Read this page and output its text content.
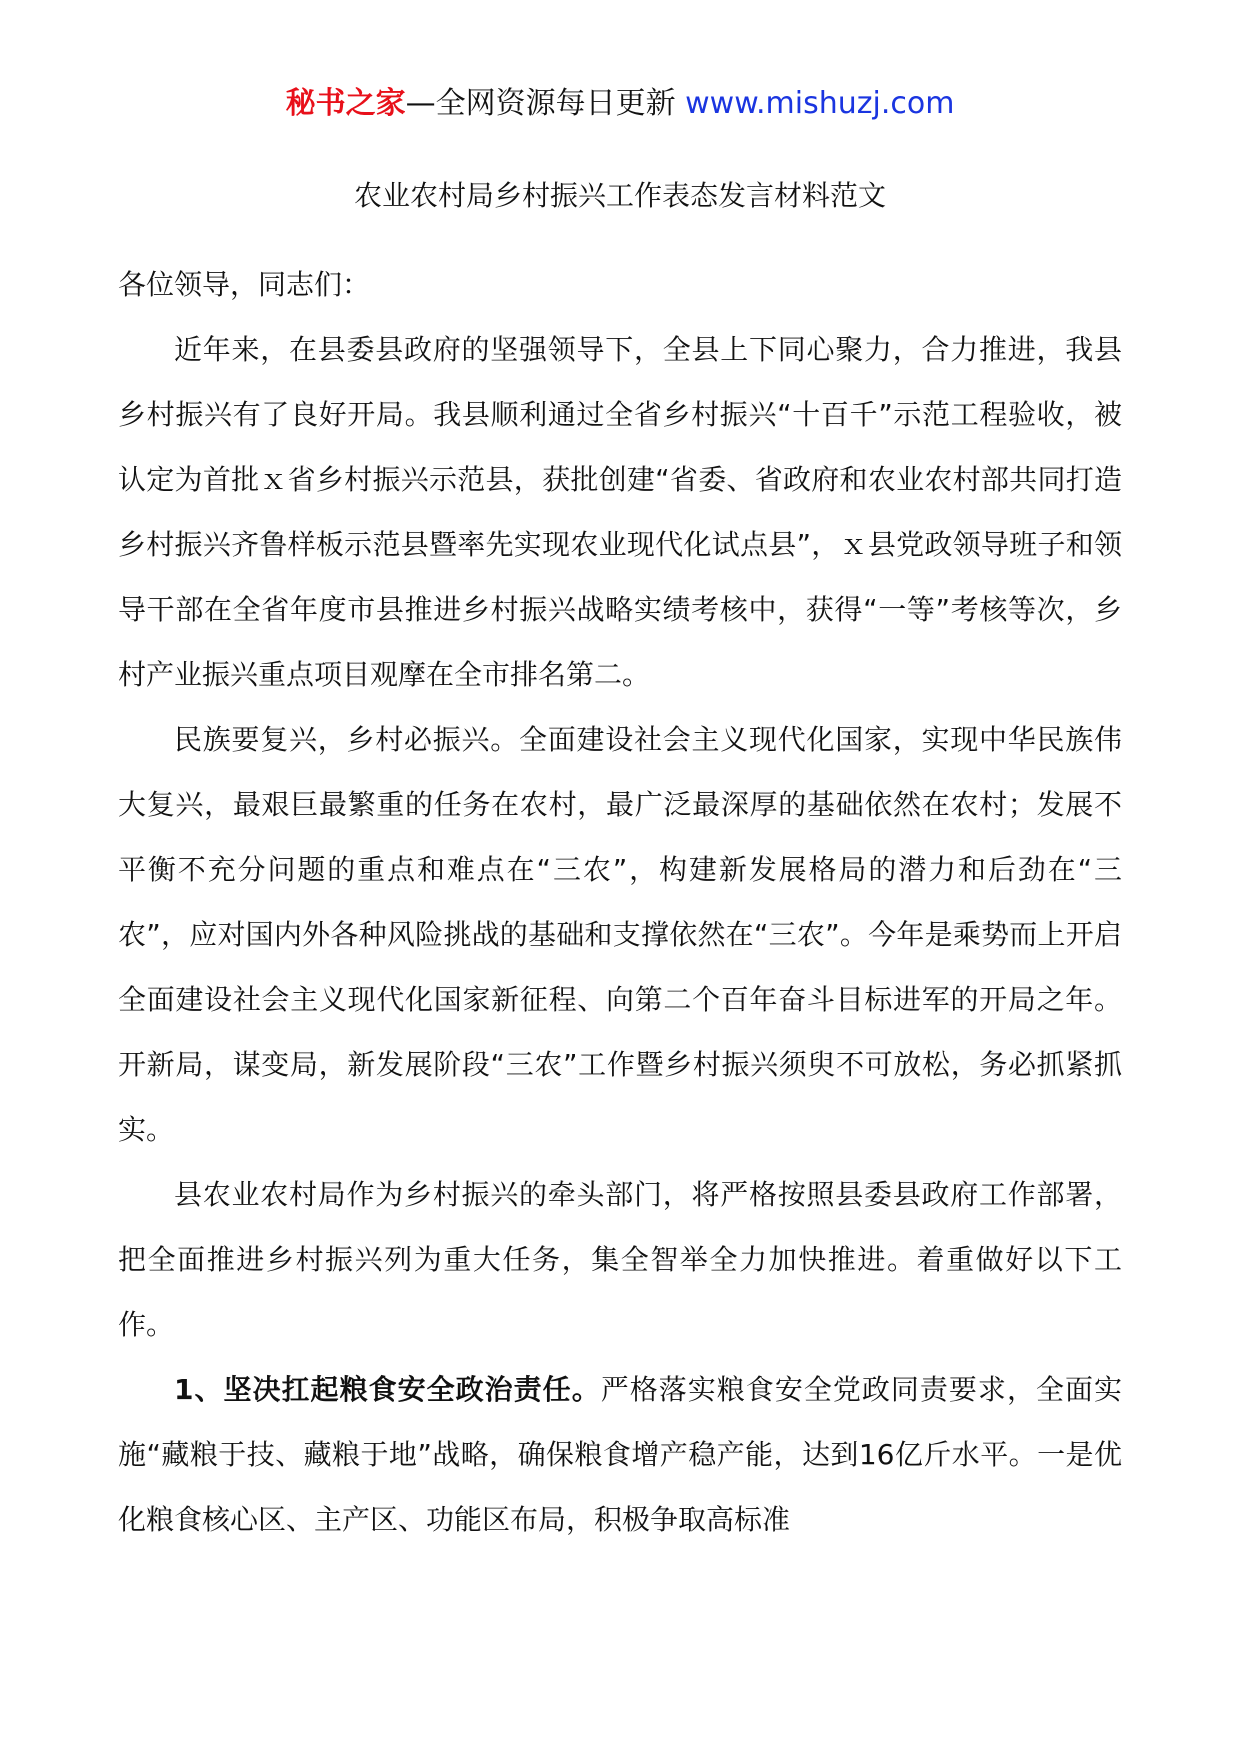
秘书之家—全网资源每日更新 www.mishuzj.com
农业农村局乡村振兴工作表态发言材料范文

各位领导，同志们：

近年来，在县委县政府的坚强领导下，全县上下同心聚力，合力推进，我县乡村振兴有了良好开局。我县顺利通过全省乡村振兴“十百千”示范工程验收，被认定为首批ｘ省乡村振兴示范县，获批创建“省委、省政府和农业农村部共同打造乡村振兴齐鲁样板示范县暨率先实现农业现代化试点县”，ｘ县党政领导班子和领导干部在全省年度市县推进乡村振兴战略实绩考核中，获得“一等”考核等次，乡村产业振兴重点项目观摩在全市排名第二。

民族要复兴，乡村必振兴。全面建设社会主义现代化国家，实现中华民族伟大复兴，最艰巨最繁重的任务在农村，最广泛最深厚的基础依然在农村；发展不平衡不充分问题的重点和难点在“三农”，构建新发展格局的潜力和后劲在“三农”，应对国内外各种风险挑战的基础和支撑依然在“三农”。今年是乘势而上开启全面建设社会主义现代化国家新征程、向第二个百年奋斗目标进军的开局之年。开新局，谋变局，新发展阶段“三农”工作暨乡村振兴须臾不可放松，务必抓紧抓实。

县农业农村局作为乡村振兴的牵头部门，将严格按照县委县政府工作部署，把全面推进乡村振兴列为重大任务，集全智举全力加快推进。着重做好以下工作。

1、坚决扛起粮食安全政治责任。严格落实粮食安全党政同责要求，全面实施“藏粮于技、藏粮于地”战略，确保粮食增产稳产能，达到16亿斤水平。一是优化粮食核心区、主产区、功能区布局，积极争取高标准
